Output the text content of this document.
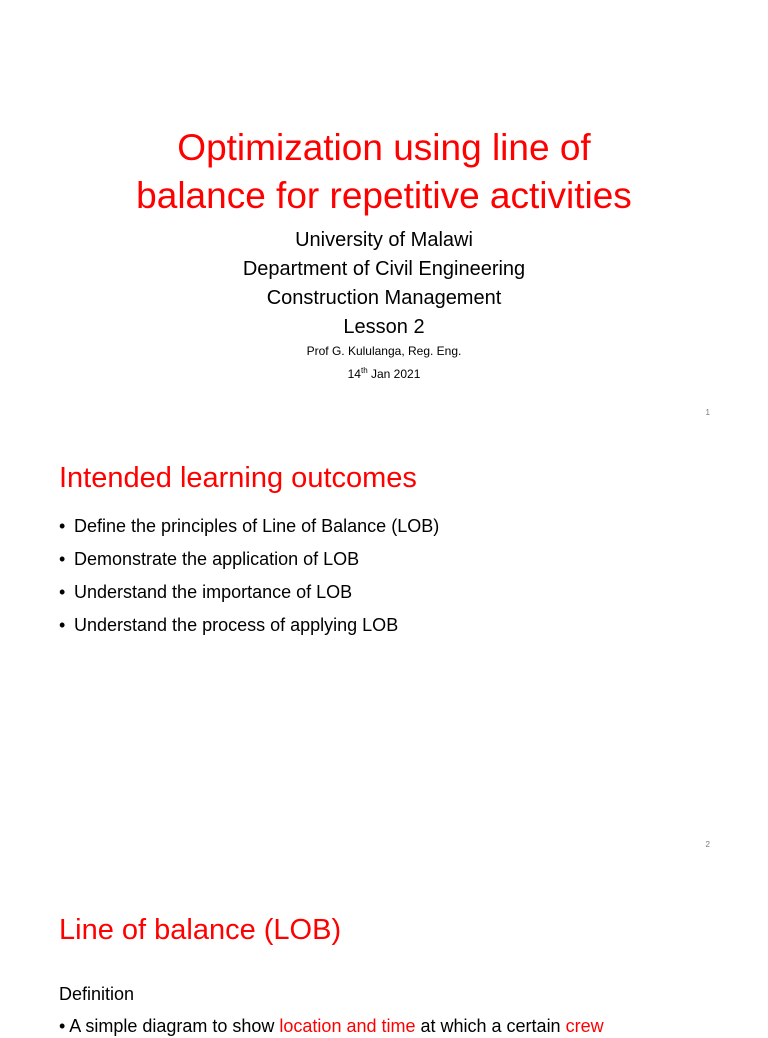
Optimization using line of
balance for repetitive activities
University of Malawi
Department of Civil Engineering
Construction Management
Lesson 2
Prof G. Kululanga, Reg. Eng.
14th Jan 2021
1
Intended learning outcomes
• Define the principles of Line of Balance (LOB)
• Demonstrate the application of LOB
• Understand the importance of LOB
• Understand the process of applying LOB
2
Line of balance (LOB)
Definition
• A simple diagram to show location and time at which a certain crew
